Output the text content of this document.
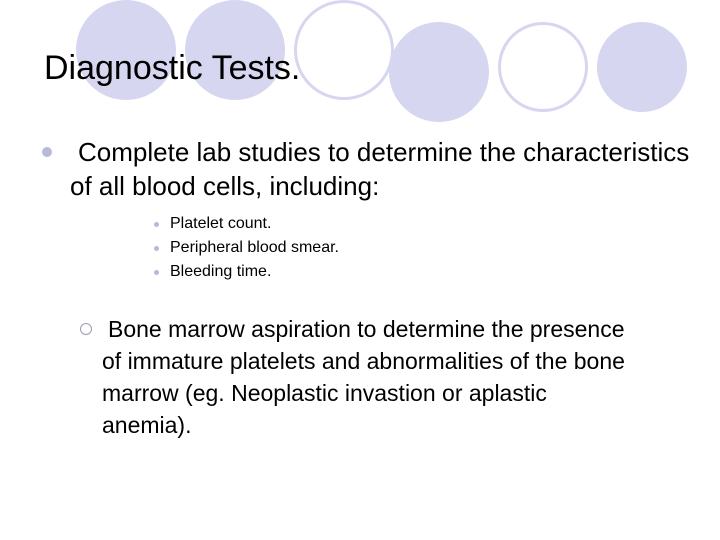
Diagnostic Tests.
Complete lab studies to determine the characteristics of all blood cells, including:
Platelet count.
Peripheral blood smear.
Bleeding time.
Bone marrow aspiration to determine the presence of immature platelets and abnormalities of the bone marrow (eg. Neoplastic invastion or aplastic anemia).
